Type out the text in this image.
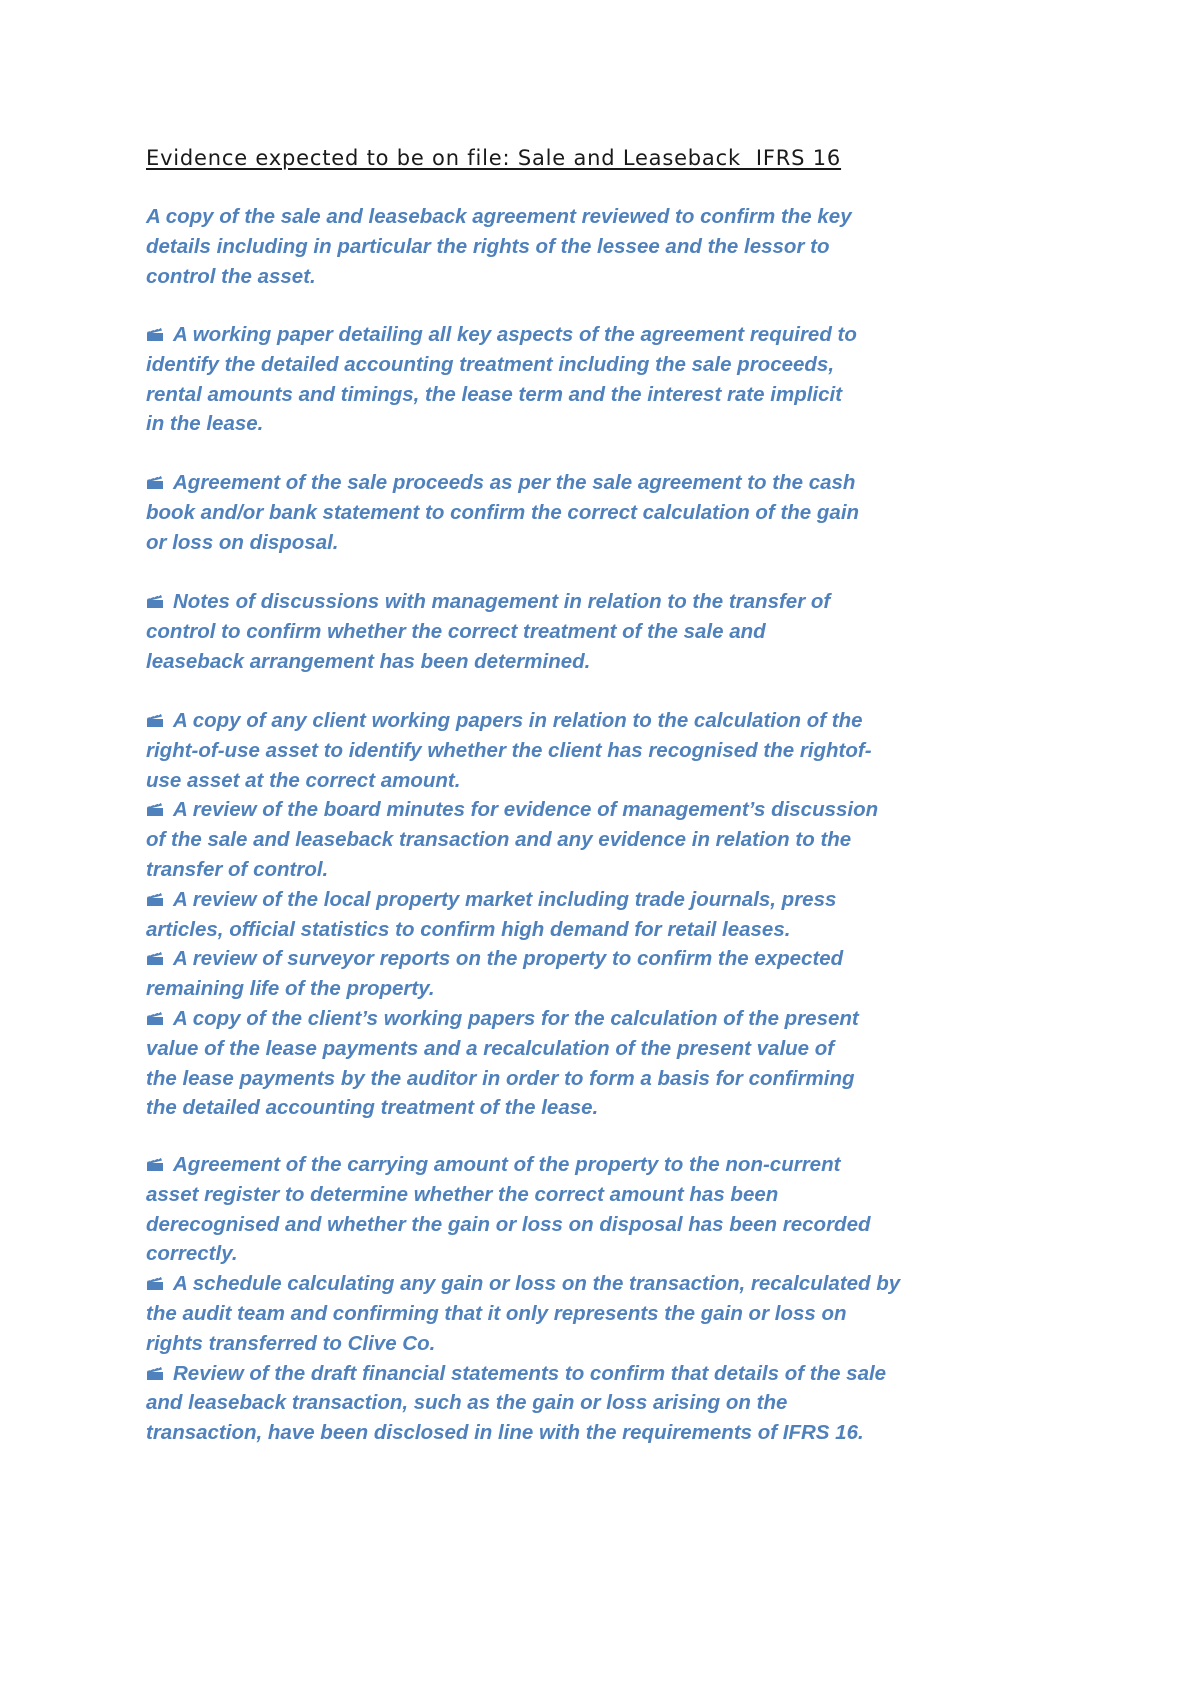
Evidence expected to be on file: Sale and Leaseback  IFRS 16

A copy of the sale and leaseback agreement reviewed to confirm the key
details including in particular the rights of the lessee and the lessor to
control the asset.

A working paper detailing all key aspects of the agreement required to
identify the detailed accounting treatment including the sale proceeds,
rental amounts and timings, the lease term and the interest rate implicit
in the lease.

Agreement of the sale proceeds as per the sale agreement to the cash
book and/or bank statement to confirm the correct calculation of the gain
or loss on disposal.

Notes of discussions with management in relation to the transfer of
control to confirm whether the correct treatment of the sale and
leaseback arrangement has been determined.

A copy of any client working papers in relation to the calculation of the
right-of-use asset to identify whether the client has recognised the rightof-
use asset at the correct amount.

A review of the board minutes for evidence of management’s discussion
of the sale and leaseback transaction and any evidence in relation to the
transfer of control.

A review of the local property market including trade journals, press
articles, official statistics to confirm high demand for retail leases.

A review of surveyor reports on the property to confirm the expected
remaining life of the property.

A copy of the client’s working papers for the calculation of the present
value of the lease payments and a recalculation of the present value of
the lease payments by the auditor in order to form a basis for confirming
the detailed accounting treatment of the lease.

Agreement of the carrying amount of the property to the non-current
asset register to determine whether the correct amount has been
derecognised and whether the gain or loss on disposal has been recorded
correctly.

A schedule calculating any gain or loss on the transaction, recalculated by
the audit team and confirming that it only represents the gain or loss on
rights transferred to Clive Co.

Review of the draft financial statements to confirm that details of the sale
and leaseback transaction, such as the gain or loss arising on the
transaction, have been disclosed in line with the requirements of IFRS 16.
